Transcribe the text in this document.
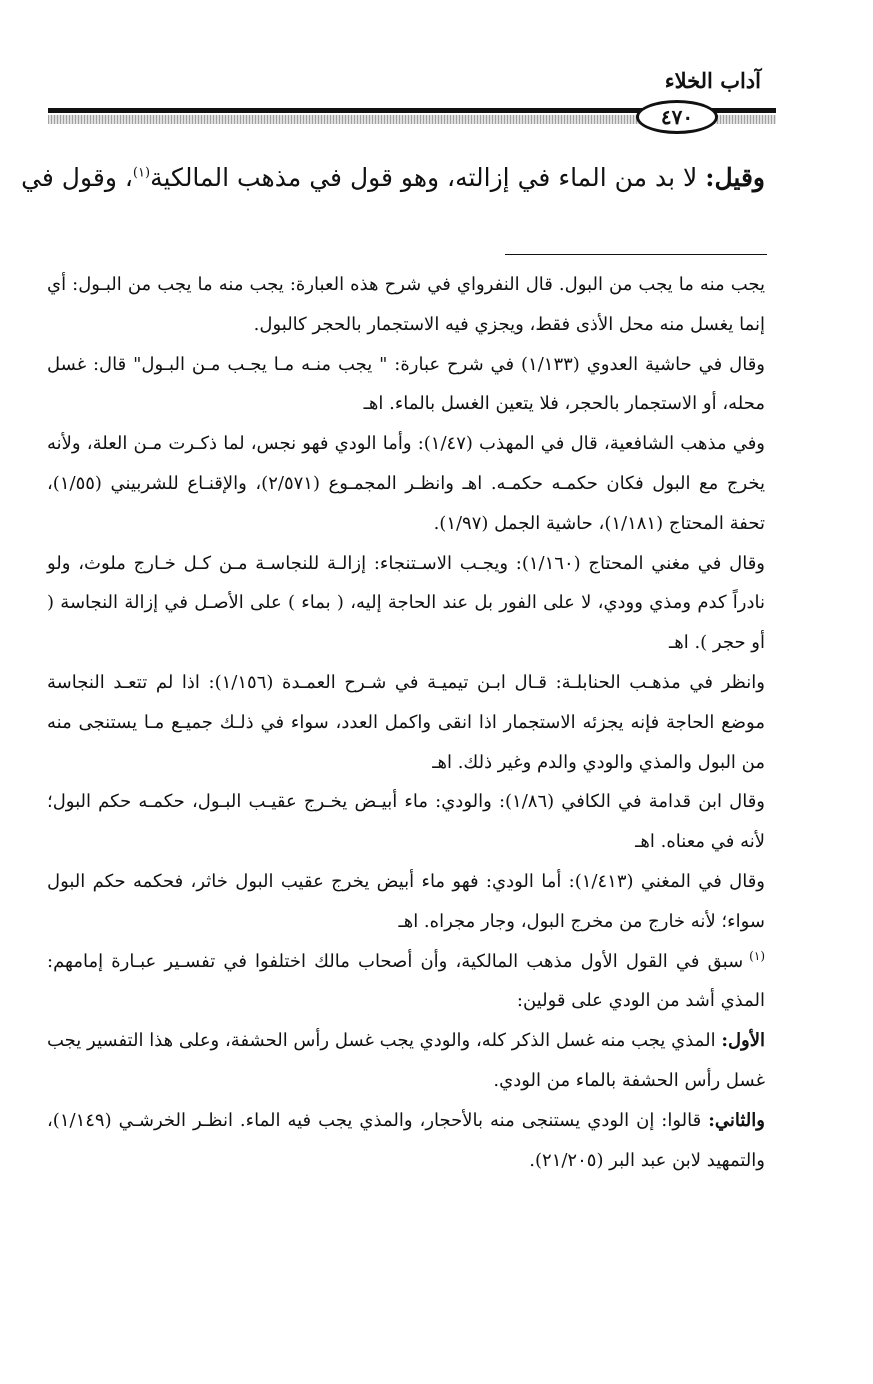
آداب الخلاء
٤٧٠
وقيل: لا بد من الماء في إزالته، وهو قول في مذهب المالكية$^{(١)}$، وقول في

يجب منه ما يجب من البول. قال النفرواي في شرح هذه العبارة: يجب منه ما يجب من البـول: أي إنما يغسل منه محل الأذى فقط، ويجزي فيه الاستجمار بالحجر كالبول.

وقال في حاشية العدوي (١/١٣٣) في شرح عبارة: " يجب منـه مـا يجـب مـن البـول" قال: غسل محله، أو الاستجمار بالحجر، فلا يتعين الغسل بالماء. اهـ

وفي مذهب الشافعية، قال في المهذب (١/٤٧): وأما الودي فهو نجس، لما ذكـرت مـن العلة، ولأنه يخرج مع البول فكان حكمـه حكمـه. اهـ وانظـر المجمـوع (٢/٥٧١)، والإقنـاع للشربيني (١/٥٥)، تحفة المحتاج (١/١٨١)، حاشية الجمل (١/٩٧).

وقال في مغني المحتاج (١/١٦٠): ويجـب الاسـتنجاء: إزالـة للنجاسـة مـن كـل خـارج ملوث، ولو نادراً كدم ومذي وودي، لا على الفور بل عند الحاجة إليه، ( بماء ) على الأصـل في إزالة النجاسة ( أو حجر ). اهـ

وانظر في مذهـب الحنابلـة: قـال ابـن تيميـة في شـرح العمـدة (١/١٥٦): اذا لم تتعـد النجاسة موضع الحاجة فإنه يجزئه الاستجمار اذا انقى واكمل العدد، سواء في ذلـك جميـع مـا يستنجى منه من البول والمذي والودي والدم وغير ذلك. اهـ

وقال ابن قدامة في الكافي (١/٨٦): والودي: ماء أبيـض يخـرج عقيـب البـول، حكمـه حكم البول؛ لأنه في معناه. اهـ

وقال في المغني (١/٤١٣): أما الودي: فهو ماء أبيض يخرج عقيب البول خاثر، فحكمه حكم البول سواء؛ لأنه خارج من مخرج البول، وجار مجراه. اهـ

$^{(١)}$سبق في القول الأول مذهب المالكية، وأن أصحاب مالك اختلفوا في تفسـير عبـارة إمامهم: المذي أشد من الودي على قولين:

الأول: المذي يجب منه غسل الذكر كله، والودي يجب غسل رأس الحشفة، وعلى هذا التفسير يجب غسل رأس الحشفة بالماء من الودي.

والثاني: قالوا: إن الودي يستنجى منه بالأحجار، والمذي يجب فيه الماء. انظـر الخرشـي (١/١٤٩)، والتمهيد لابن عبد البر (٢١/٢٠٥).
